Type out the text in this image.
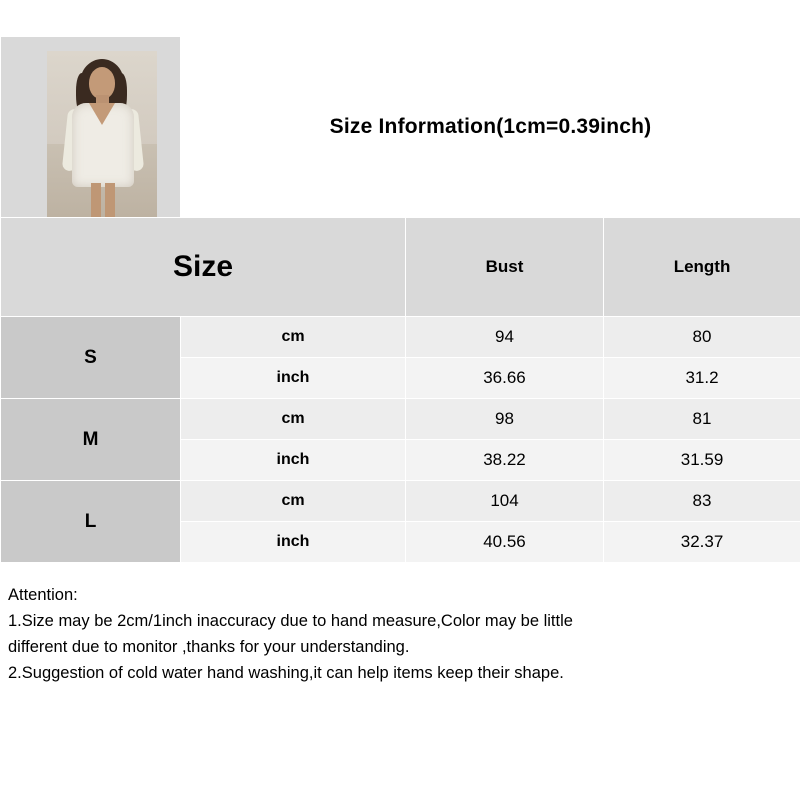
	Size Information(1cm=0.39inch)		
Size		Bust	Length
S	cm	94	80
	inch	36.66	31.2
M	cm	98	81
	inch	38.22	31.59
L	cm	104	83
	inch	40.56	32.37
Attention:
1.Size may be 2cm/1inch inaccuracy due to hand measure,Color may be little
different due to monitor ,thanks for your understanding.
2.Suggestion of cold water hand washing,it can help items keep their shape.
